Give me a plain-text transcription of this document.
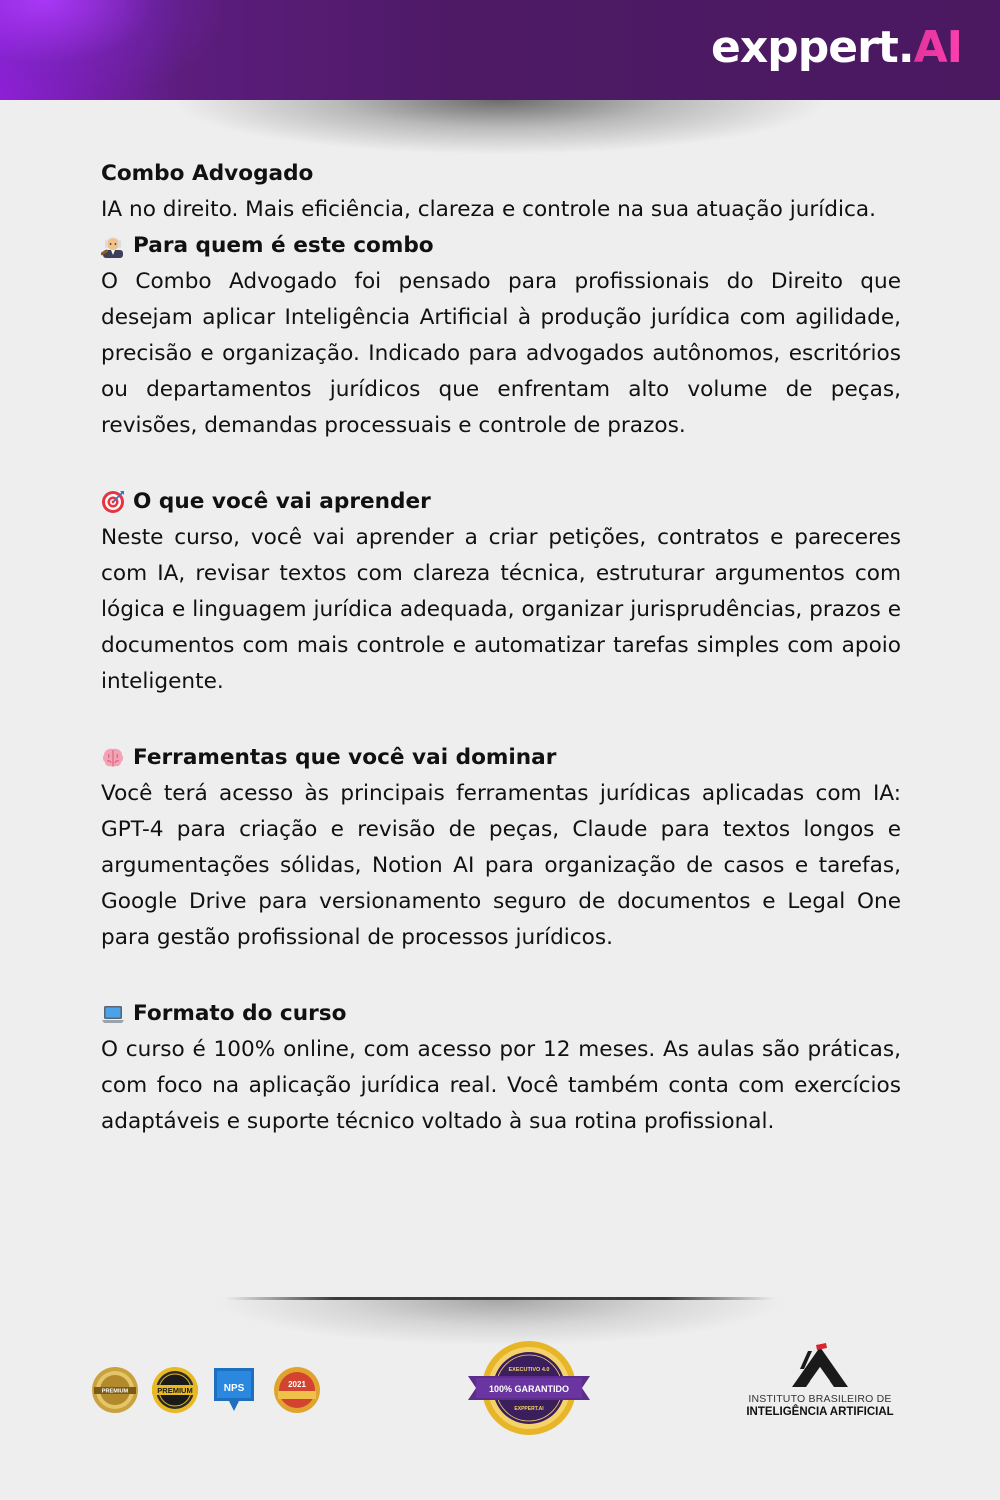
exppert.AI

Combo Advogado

IA no direito. Mais eficiência, clareza e controle na sua atuação jurídica.

Para quem é este combo

O Combo Advogado foi pensado para profissionais do Direito que desejam aplicar Inteligência Artificial à produção jurídica com agilidade, precisão e organização. Indicado para advogados autônomos, escritórios ou departamentos jurídicos que enfrentam alto volume de peças, revisões, demandas processuais e controle de prazos.

O que você vai aprender

Neste curso, você vai aprender a criar petições, contratos e pareceres com IA, revisar textos com clareza técnica, estruturar argumentos com lógica e linguagem jurídica adequada, organizar jurisprudências, prazos e documentos com mais controle e automatizar tarefas simples com apoio inteligente.

Ferramentas que você vai dominar

Você terá acesso às principais ferramentas jurídicas aplicadas com IA: GPT-4 para criação e revisão de peças, Claude para textos longos e argumentações sólidas, Notion AI para organização de casos e tarefas, Google Drive para versionamento seguro de documentos e Legal One para gestão profissional de processos jurídicos.

Formato do curso

O curso é 100% online, com acesso por 12 meses. As aulas são práticas, com foco na aplicação jurídica real. Você também conta com exercícios adaptáveis e suporte técnico voltado à sua rotina profissional.

PREMIUM	PREMIUM	NPS	2021
EXECUTIVO 4.0
100% GARANTIDO
EXPPERT.AI
INSTITUTO BRASILEIRO DE
INTELIGÊNCIA ARTIFICIAL
